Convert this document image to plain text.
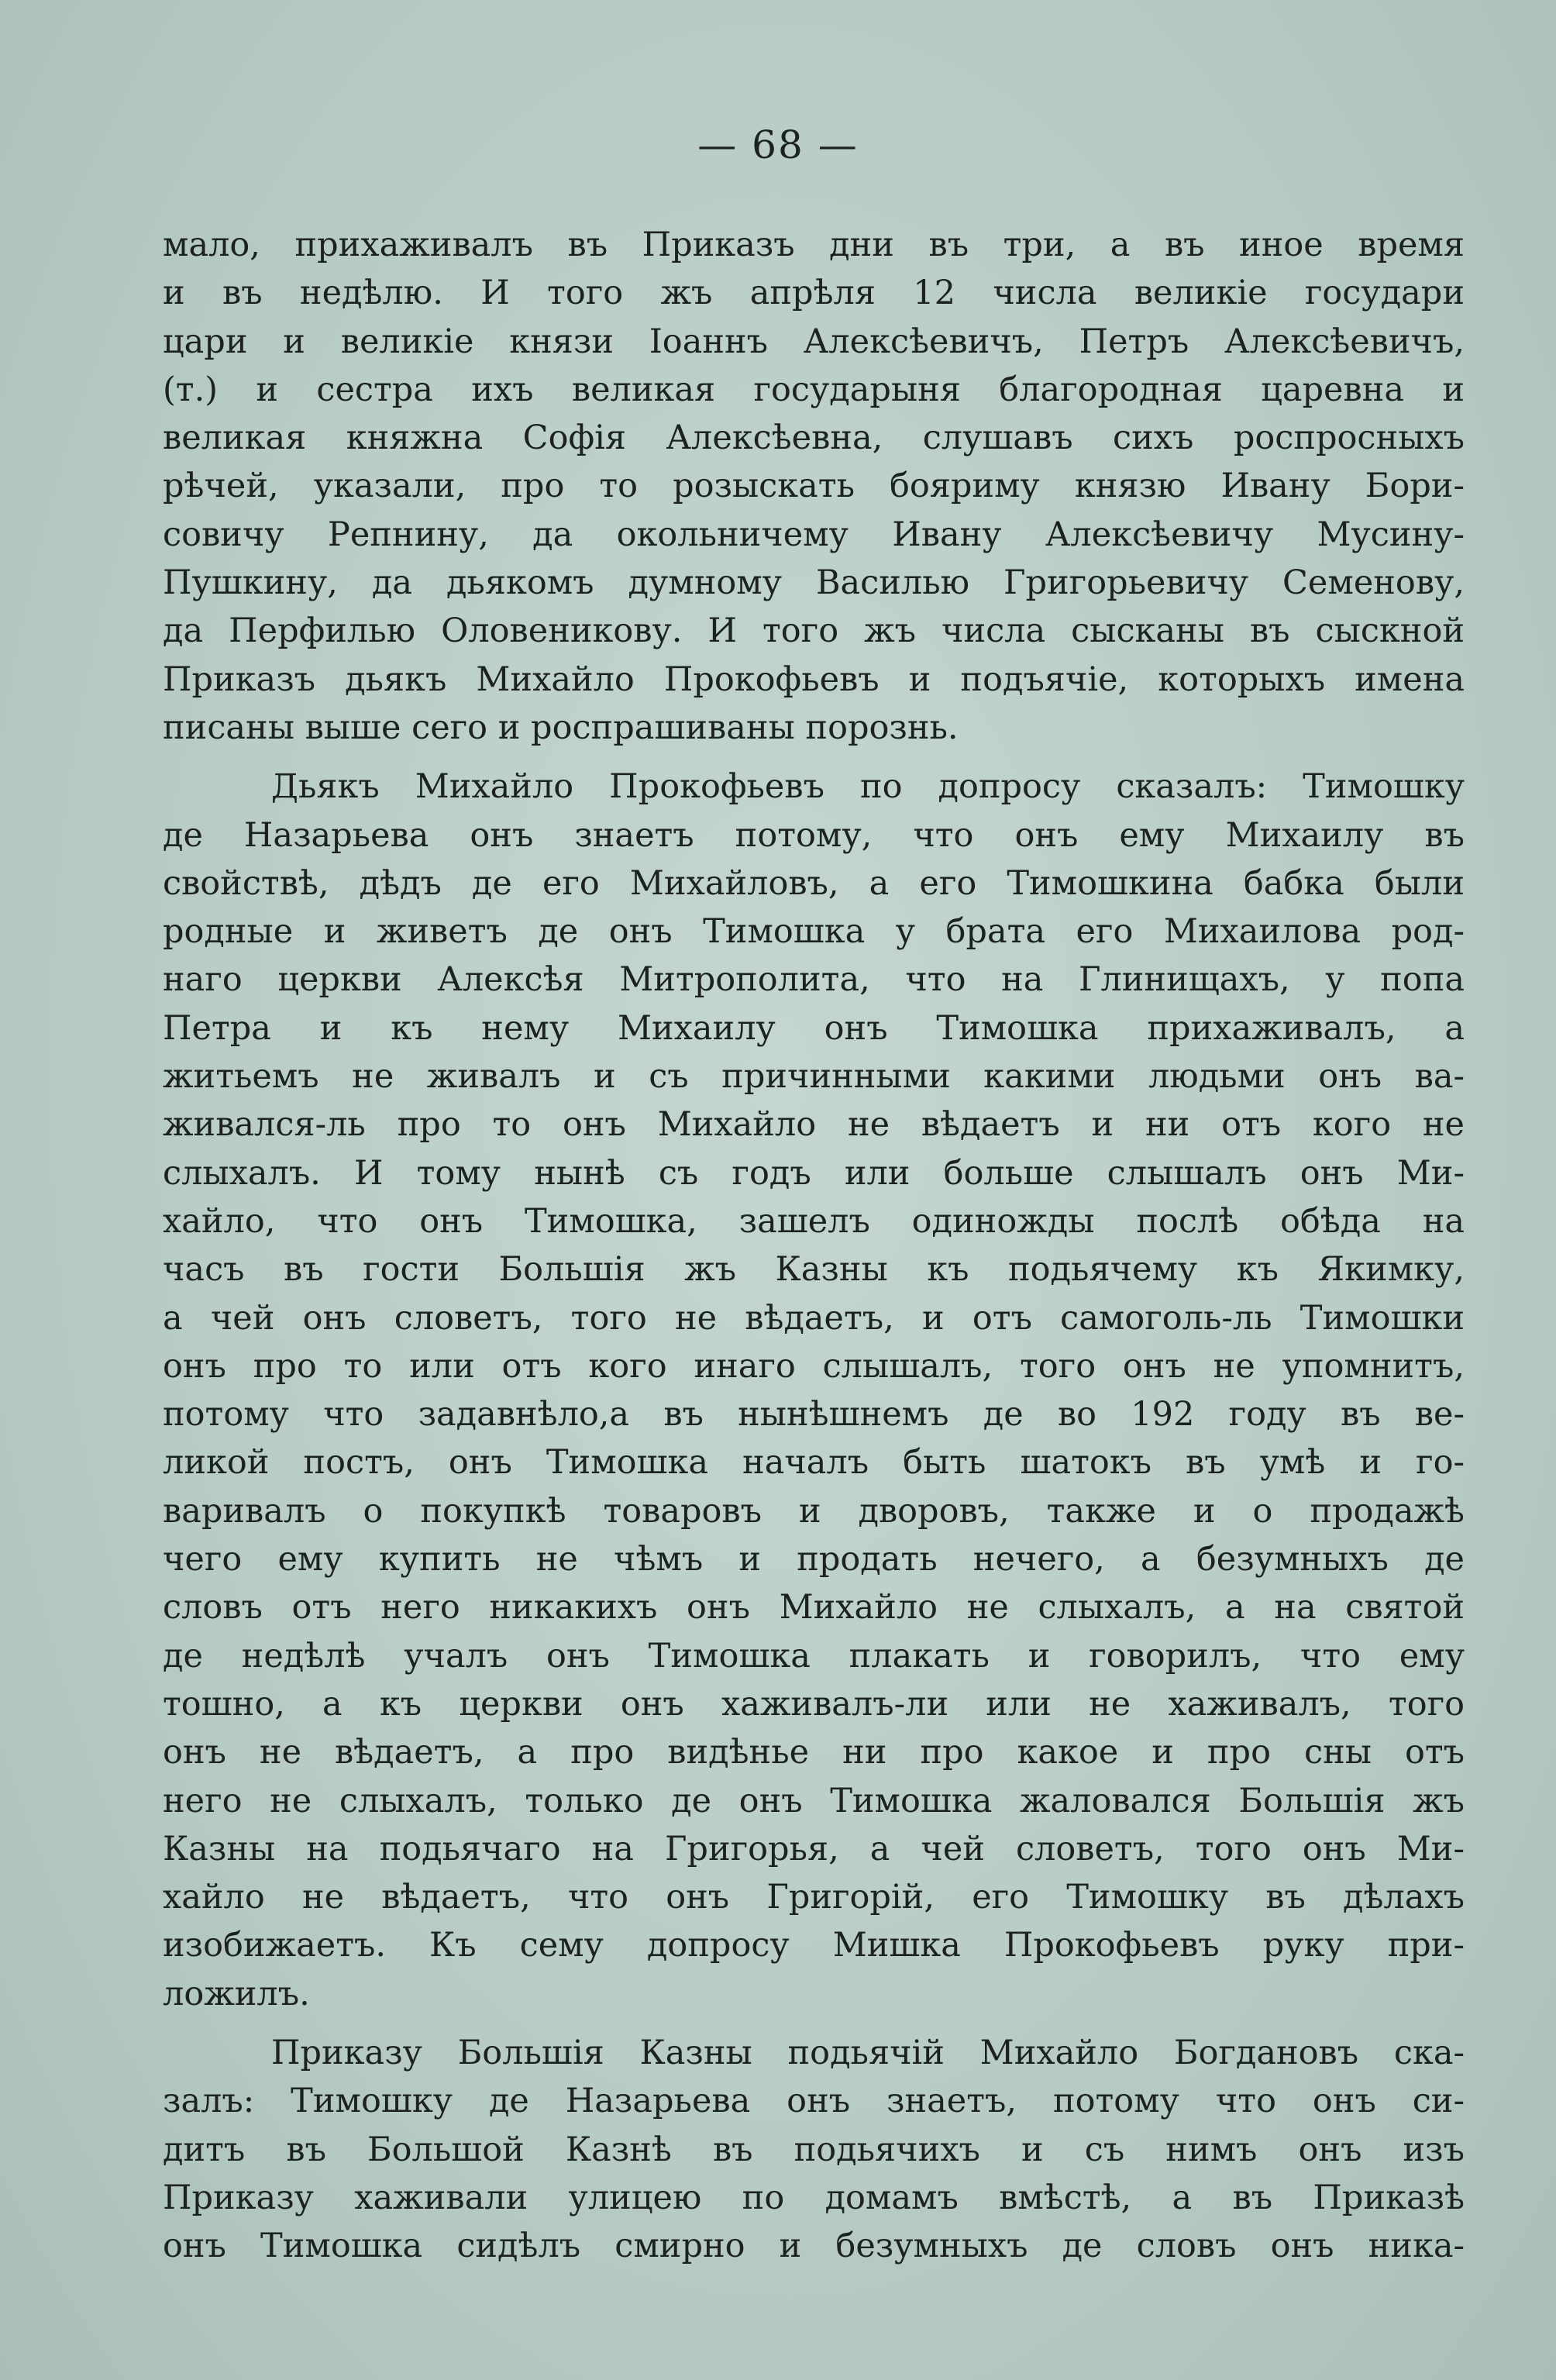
— 68 —
мало, прихаживалъ въ Приказъ дни въ три, а въ иное время
и въ недѣлю. И того жъ апрѣля 12 числа великіе государи
цари и великіе князи Іоаннъ Алексѣевичъ, Петръ Алексѣевичъ,
(т.) и сестра ихъ великая государыня благородная царевна и
великая княжна Софія Алексѣевна, слушавъ сихъ роспросныхъ
рѣчей, указали, про то розыскать бояриму князю Ивану Бори-
совичу Репнину, да окольничему Ивану Алексѣевичу Мусину-
Пушкину, да дьякомъ думному Василью Григорьевичу Семенову,
да Перфилью Оловеникову. И того жъ числа сысканы въ сыскной
Приказъ дьякъ Михайло Прокофьевъ и подъячіе, которыхъ имена
писаны выше сего и роспрашиваны порознь.
Дьякъ Михайло Прокофьевъ по допросу сказалъ: Тимошку
де Назарьева онъ знаетъ потому, что онъ ему Михаилу въ
свойствѣ, дѣдъ де его Михайловъ, а его Тимошкина бабка были
родные и живетъ де онъ Тимошка у брата его Михаилова род-
наго церкви Алексѣя Митрополита, что на Глинищахъ, у попа
Петра и къ нему Михаилу онъ Тимошка прихаживалъ, а
житьемъ не живалъ и съ причинными какими людьми онъ ва-
живался-ль про то онъ Михайло не вѣдаетъ и ни отъ кого не
слыхалъ. И тому нынѣ съ годъ или больше слышалъ онъ Ми-
хайло, что онъ Тимошка, зашелъ одиножды послѣ обѣда на
часъ въ гости Большія жъ Казны къ подьячему къ Якимку,
а чей онъ словетъ, того не вѣдаетъ, и отъ самоголь-ль Тимошки
онъ про то или отъ кого инаго слышалъ, того онъ не упомнитъ,
потому что задавнѣло,а въ нынѣшнемъ де во 192 году въ ве-
ликой постъ, онъ Тимошка началъ быть шатокъ въ умѣ и го-
варивалъ о покупкѣ товаровъ и дворовъ, также и о продажѣ
чего ему купить не чѣмъ и продать нечего, а безумныхъ де
словъ отъ него никакихъ онъ Михайло не слыхалъ, а на святой
де недѣлѣ учалъ онъ Тимошка плакать и говорилъ, что ему
тошно, а къ церкви онъ хаживалъ-ли или не хаживалъ, того
онъ не вѣдаетъ, а про видѣнье ни про какое и про сны отъ
него не слыхалъ, только де онъ Тимошка жаловался Большія жъ
Казны на подьячаго на Григорья, а чей словетъ, того онъ Ми-
хайло не вѣдаетъ, что онъ Григорій, его Тимошку въ дѣлахъ
изобижаетъ. Къ сему допросу Мишка Прокофьевъ руку при-
ложилъ.
Приказу Большія Казны подьячій Михайло Богдановъ ска-
залъ: Тимошку де Назарьева онъ знаетъ, потому что онъ си-
дитъ въ Большой Казнѣ въ подьячихъ и съ нимъ онъ изъ
Приказу хаживали улицею по домамъ вмѣстѣ, а въ Приказѣ
онъ Тимошка сидѣлъ смирно и безумныхъ де словъ онъ ника-
